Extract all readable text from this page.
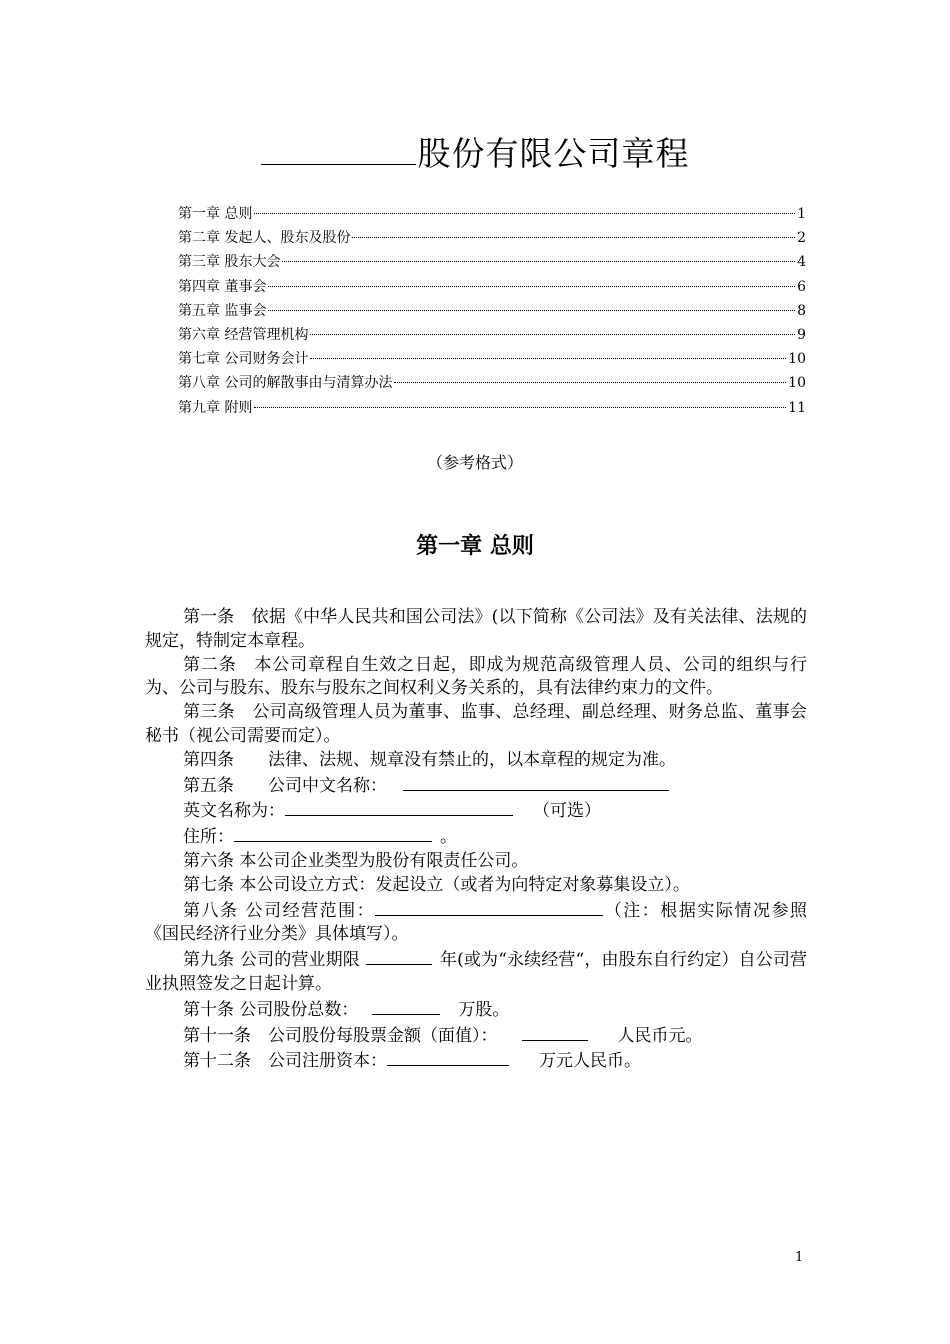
股份有限公司章程
第一章 总则	1
第二章 发起人、股东及股份	2
第三章 股东大会	4
第四章 董事会	6
第五章 监事会	8
第六章 经营管理机构	9
第七章 公司财务会计	10
第八章 公司的解散事由与清算办法	10
第九章 附则	11
（参考格式）
第一章 总则

第一条　依据《中华人民共和国公司法》(以下简称《公司法》及有关法律、法规的规定，特制定本章程。

第二条　本公司章程自生效之日起，即成为规范高级管理人员、公司的组织与行为、公司与股东、股东与股东之间权利义务关系的，具有法律约束力的文件。

第三条　公司高级管理人员为董事、监事、总经理、副总经理、财务总监、董事会秘书（视公司需要而定）。

第四条　　法律、法规、规章没有禁止的，以本章程的规定为准。

第五条　　公司中文名称：

英文名称为：	（可选）

住所：	。

第六条 本公司企业类型为股份有限责任公司。

第七条 本公司设立方式：发起设立（或者为向特定对象募集设立）。

第八条 公司经营范围：	（注：根据实际情况参照《国民经济行业分类》具体填写）。

第九条 公司的营业期限	年(或为“永续经营“，由股东自行约定）自公司营业执照签发之日起计算。

第十条 公司股份总数：	万股。

第十一条　公司股份每股票金额（面值）：	人民币元。

第十二条　公司注册资本：	万元人民币。

1
